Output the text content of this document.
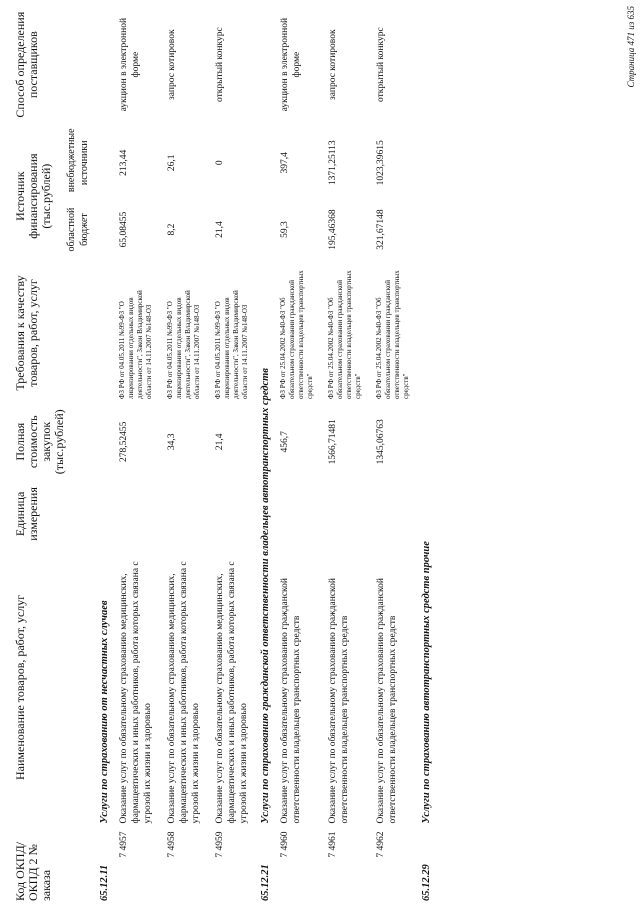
Код ОКПД/ ОКПД 2 № заказа	Наименование товаров, работ, услуг	Единица измерения	Полная стоимость закупок (тыс.рублей)	Требования к качеству товаров, работ, услуг	Источник финансирования (тыс.рублей)		Способ определения поставщиков
					областной бюджет	внебюджетные источники	
65.12.11	Услуги по страхованию от несчастных случаев						
7 4957	Оказание услуг по обязательному страхованию медицинских, фармацевтических и иных работников, работа которых связана с угрозой их жизни и здоровью		278,52455	ФЗ РФ от 04.05.2011 №99-ФЗ "О лицензировании отдельных видов деятельности", Закон Владимирской области от 14.11.2007 №148-ОЗ	65,08455	213,44	аукцион в электронной форме
7 4958	Оказание услуг по обязательному страхованию медицинских, фармацевтических и иных работников, работа которых связана с угрозой их жизни и здоровью		34,3	ФЗ РФ от 04.05.2011 №99-ФЗ "О лицензировании отдельных видов деятельности", Закон Владимирской области от 14.11.2007 №148-ОЗ	8,2	26,1	запрос котировок
7 4959	Оказание услуг по обязательному страхованию медицинских, фармацевтических и иных работников, работа которых связана с угрозой их жизни и здоровью		21,4	ФЗ РФ от 04.05.2011 №99-ФЗ "О лицензировании отдельных видов деятельности", Закон Владимирской области от 14.11.2007 №148-ОЗ	21,4	0	открытый конкурс
65.12.21	Услуги по страхованию гражданской ответственности владельцев автотранспортных средств						
7 4960	Оказание услуг по обязательному страхованию гражданской ответственности владельцев транспортных средств		456,7	ФЗ РФ от 25.04.2002 №40-ФЗ "Об обязательном страховании гражданской ответственности владельцев транспортных средств"	59,3	397,4	аукцион в электронной форме
7 4961	Оказание услуг по обязательному страхованию гражданской ответственности владельцев транспортных средств		1566,71481	ФЗ РФ от 25.04.2002 №40-ФЗ "Об обязательном страховании гражданской ответственности владельцев транспортных средств"	195,46368	1371,25113	запрос котировок
7 4962	Оказание услуг по обязательному страхованию гражданской ответственности владельцев транспортных средств		1345,06763	ФЗ РФ от 25.04.2002 №40-ФЗ "Об обязательном страховании гражданской ответственности владельцев транспортных средств"	321,67148	1023,39615	открытый конкурс
65.12.29	Услуги по страхованию автотранспортных средств прочие						
Страница 471 из 635
